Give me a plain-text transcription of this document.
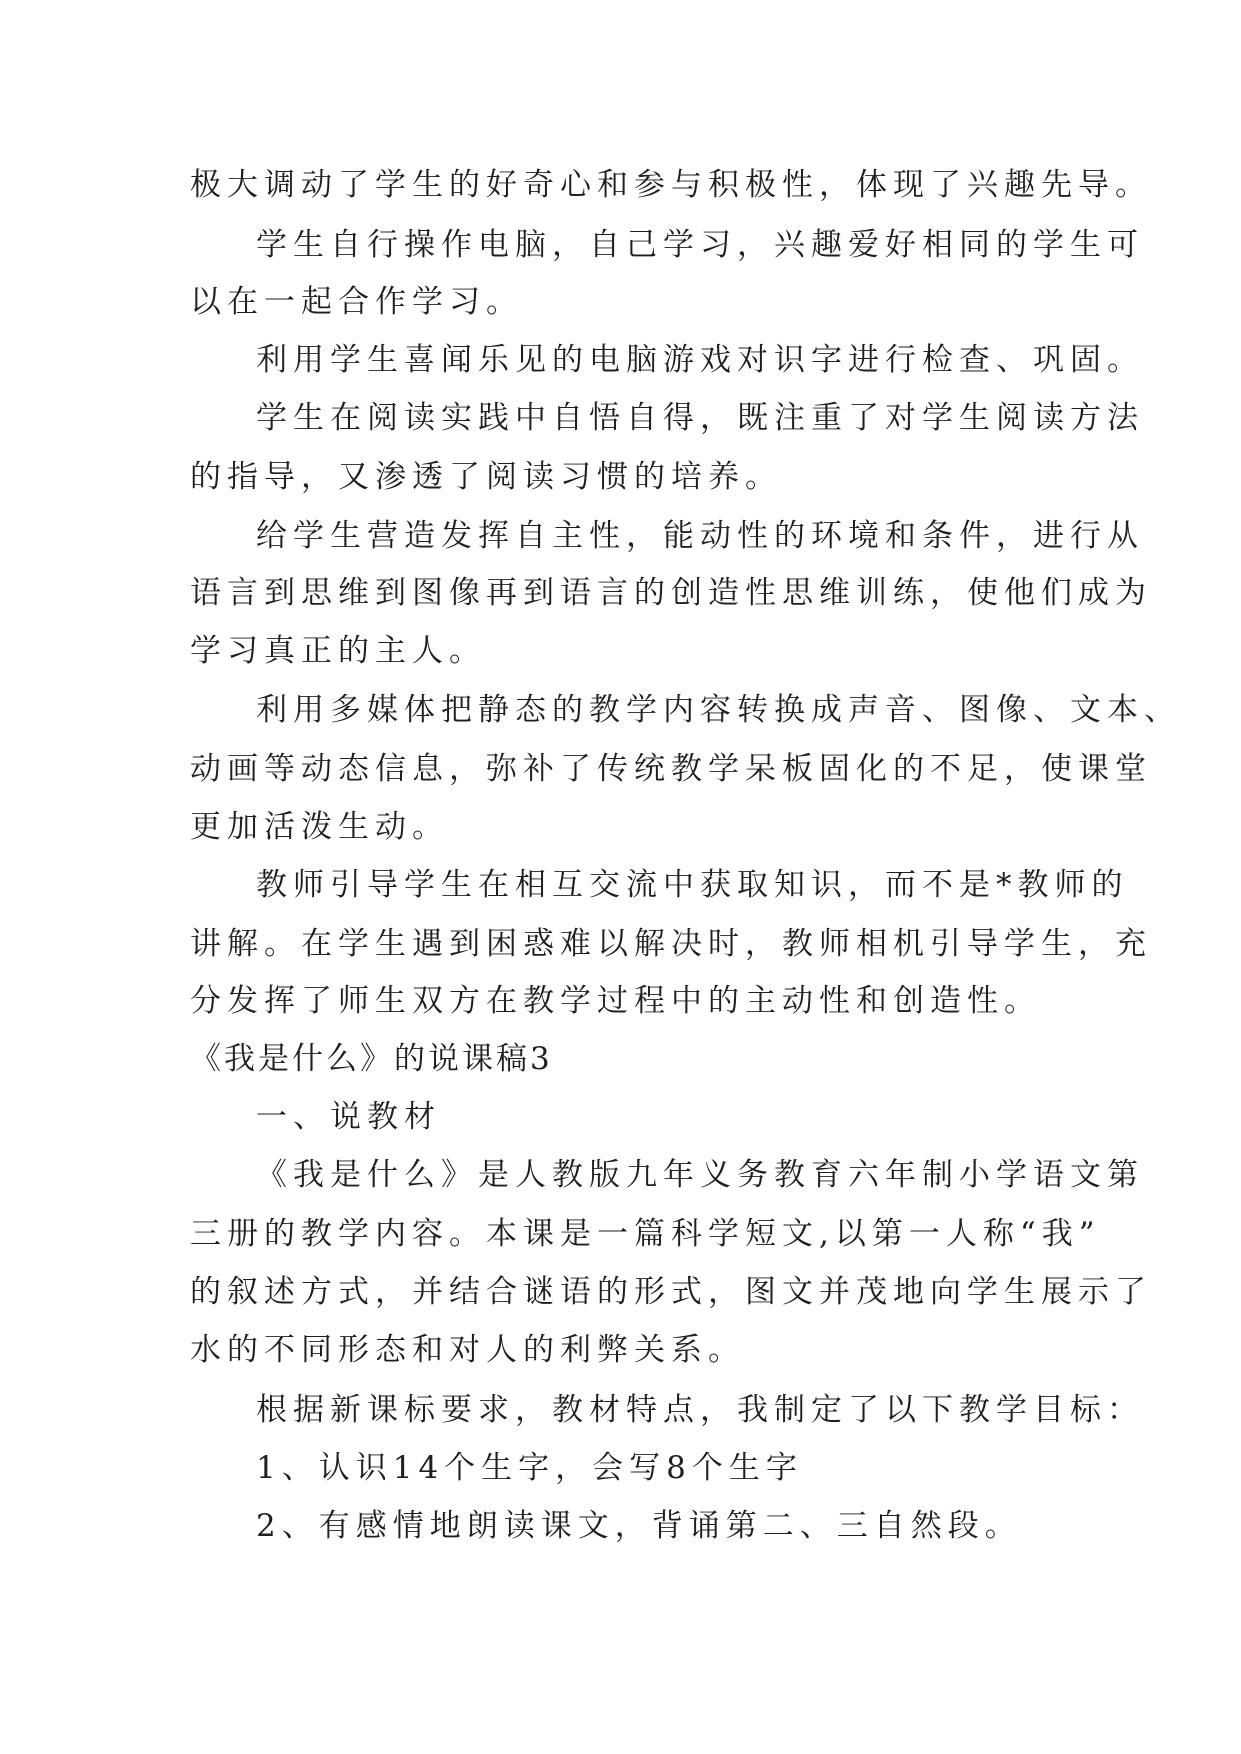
极大调动了学生的好奇心和参与积极性，体现了兴趣先导。
学生自行操作电脑，自己学习，兴趣爱好相同的学生可
以在一起合作学习。
利用学生喜闻乐见的电脑游戏对识字进行检查、巩固。
学生在阅读实践中自悟自得，既注重了对学生阅读方法
的指导，又渗透了阅读习惯的培养。
给学生营造发挥自主性，能动性的环境和条件，进行从
语言到思维到图像再到语言的创造性思维训练，使他们成为
学习真正的主人。
利用多媒体把静态的教学内容转换成声音、图像、文本、
动画等动态信息，弥补了传统教学呆板固化的不足，使课堂
更加活泼生动。
教师引导学生在相互交流中获取知识，而不是*教师的
讲解。在学生遇到困惑难以解决时，教师相机引导学生，充
分发挥了师生双方在教学过程中的主动性和创造性。
《我是什么》的说课稿3
一、说教材
《我是什么》是人教版九年义务教育六年制小学语文第
三册的教学内容。本课是一篇科学短文,以第一人称“我”
的叙述方式，并结合谜语的形式，图文并茂地向学生展示了
水的不同形态和对人的利弊关系。
根据新课标要求，教材特点，我制定了以下教学目标：
1、认识14个生字，会写8个生字
2、有感情地朗读课文，背诵第二、三自然段。
